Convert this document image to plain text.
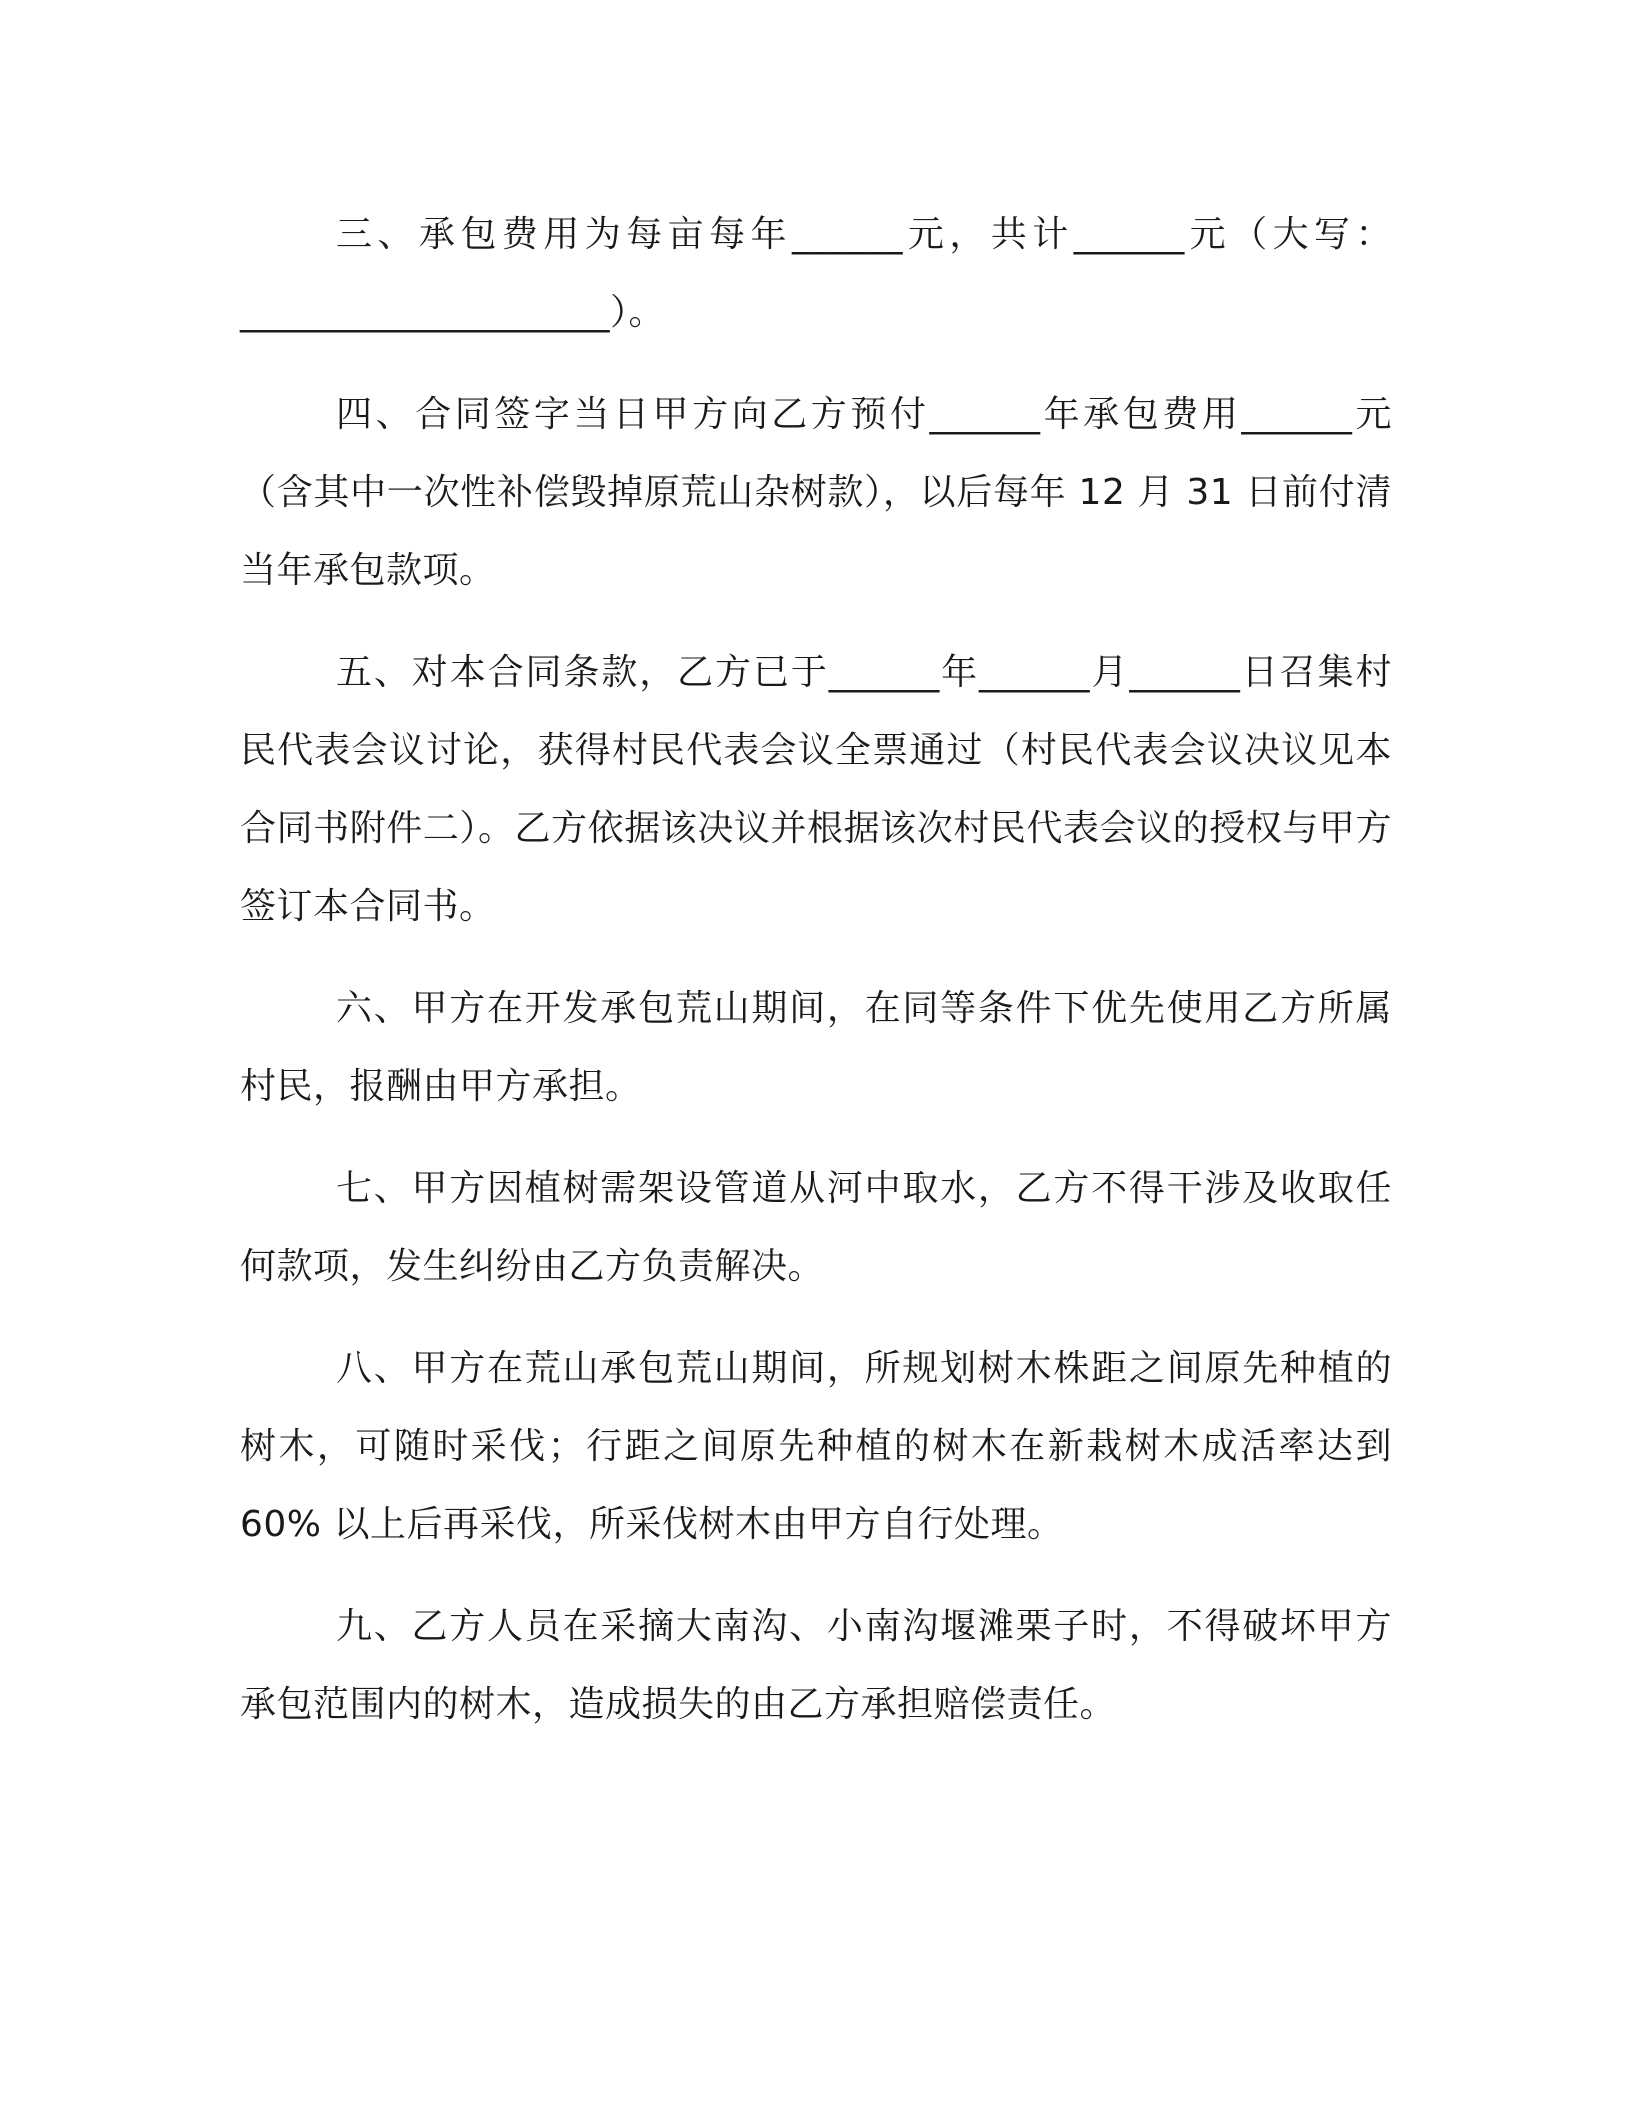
三、承包费用为每亩每年______元，共计______元（大写：____________________）。

四、合同签字当日甲方向乙方预付______年承包费用______元（含其中一次性补偿毁掉原荒山杂树款），以后每年 12 月 31 日前付清当年承包款项。

五、对本合同条款，乙方已于______年______月______日召集村民代表会议讨论，获得村民代表会议全票通过（村民代表会议决议见本合同书附件二）。乙方依据该决议并根据该次村民代表会议的授权与甲方签订本合同书。

六、甲方在开发承包荒山期间，在同等条件下优先使用乙方所属村民，报酬由甲方承担。

七、甲方因植树需架设管道从河中取水，乙方不得干涉及收取任何款项，发生纠纷由乙方负责解决。

八、甲方在荒山承包荒山期间，所规划树木株距之间原先种植的树木，可随时采伐；行距之间原先种植的树木在新栽树木成活率达到 60% 以上后再采伐，所采伐树木由甲方自行处理。

九、乙方人员在采摘大南沟、小南沟堰滩栗子时，不得破坏甲方承包范围内的树木，造成损失的由乙方承担赔偿责任。
